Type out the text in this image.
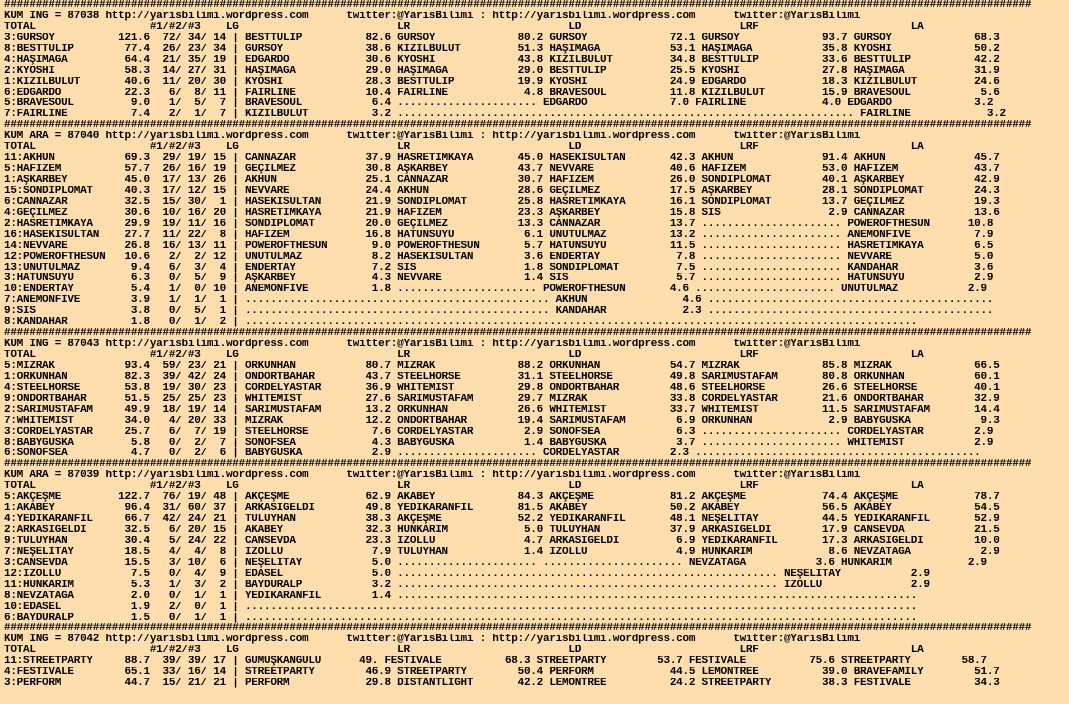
##################################################################################################################################################################
KUM ING = 87038 http://yarisbilimi.wordpress.com      twitter:@YarisBilimi : http://yarisbilimi.wordpress.com      twitter:@YarisBilimi
TOTAL                  #1/#2/#3    LG                         LR                         LD                         LRF                        LA
3:GÜRSOY          121.6  72/ 34/ 14 | BESTTULIP          82.6 GÜRSOY             80.2 GÜRSOY             72.1 GÜRSOY             93.7 GÜRSOY             68.3
8:BESTTULIP        77.4  26/ 23/ 34 | GÜRSOY             38.6 KIZILBULUT         51.3 HAŞIMAĞA           53.1 HAŞIMAĞA           35.8 KYOSHI             50.2
4:HAŞIMAĞA         64.4  21/ 35/ 19 | EDGARDO            30.6 KYOSHI             43.8 KIZILBULUT         34.8 BESTTULIP          33.6 BESTTULIP          42.2
2:KYOSHI           58.3  14/ 27/ 31 | HAŞIMAĞA           29.0 HAŞIMAĞA           29.0 BESTTULIP          25.5 KYOSHI             27.8 HAŞIMAĞA           31.9
1:KIZILBULUT       40.6  11/ 20/ 30 | KYOSHI             28.3 BESTTULIP          19.9 KYOSHI             24.9 EDGARDO            18.3 KIZILBULUT         24.6
6:EDGARDO          22.3   6/  8/ 11 | FAIRLINE           10.4 FAIRLINE            4.8 BRAVESOUL          11.8 KIZILBULUT         15.9 BRAVESOUL           5.6
5:BRAVESOUL         9.0   1/  5/  7 | BRAVESOUL           6.4 ...................... EDGARDO             7.0 FAIRLINE            4.0 EDGARDO             3.2
7:FAIRLINE          7.4   2/  1/  7 | KIZILBULUT          3.2 ........................................................................ FAIRLINE            3.2
##################################################################################################################################################################
KUM ARA = 87040 http://yarisbilimi.wordpress.com      twitter:@YarisBilimi : http://yarisbilimi.wordpress.com      twitter:@YarisBilimi
TOTAL                  #1/#2/#3    LG                         LR                         LD                         LRF                        LA
11:AKHUN           69.3  29/ 19/ 15 | CANNAZAR           37.9 HASRETİMKAYA       45.0 HASEKİSULTAN       42.3 AKHUN              91.4 AKHUN              45.7
5:HAFİZEM          57.7  26/ 16/ 19 | GEÇİLMEZ           30.8 AŞKARBEY           43.7 NEVVARE            40.6 HAFİZEM            53.0 HAFİZEM            43.7
1:AŞKARBEY         45.0  17/ 13/ 26 | AKHUN              25.1 CANNAZAR           30.7 HAFİZEM            26.0 SONDİPLOMAT        40.1 AŞKARBEY           42.9
15:SONDİPLOMAT     40.3  17/ 12/ 15 | NEVVARE            24.4 AKHUN              28.6 GEÇİLMEZ           17.5 AŞKARBEY           28.1 SONDİPLOMAT        24.3
6:CANNAZAR         32.5  15/ 30/  1 | HASEKİSULTAN       21.9 SONDİPLOMAT        25.8 HASRETİMKAYA       16.1 SONDİPLOMAT        13.7 GEÇİLMEZ           19.3
4:GEÇİLMEZ         30.6  10/ 16/ 20 | HASRETİMKAYA       21.9 HAFİZEM            23.3 AŞKARBEY           15.8 SİS                 2.9 CANNAZAR           13.6
2:HASRETİMKAYA     29.9  19/ 11/ 16 | SONDİPLOMAT        20.0 GEÇİLMEZ           13.3 CANNAZAR           13.7 ...................... POWEROFTHESUN      10.8
16:HASEKİSULTAN    27.7  11/ 22/  8 | HAFİZEM            16.8 HATUNSUYU           6.1 UNUTULMAZ          13.2 ...................... ANEMONFIVE          7.9
14:NEVVARE         26.8  16/ 13/ 11 | POWEROFTHESUN       9.0 POWEROFTHESUN       5.7 HATUNSUYU          11.5 ...................... HASRETİMKAYA        6.5
12:POWEROFTHESUN   10.6   2/  2/ 12 | UNUTULMAZ           8.2 HASEKİSULTAN        3.6 ENDERTAY            7.8 ...................... NEVVARE             5.0
13:UNUTULMAZ        9.4   6/  3/  4 | ENDERTAY            7.2 SİS                 1.8 SONDİPLOMAT         7.5 ...................... KANDAHAR            3.6
3:HATUNSUYU         6.3   0/  5/  9 | AŞKARBEY            4.3 NEVVARE             1.4 SİS                 5.7 ...................... HATUNSUYU           2.9
10:ENDERTAY         5.4   1/  0/ 10 | ANEMONFIVE          1.8 ...................... POWEROFTHESUN       4.6 ...................... UNUTULMAZ           2.9
7:ANEMONFIVE        3.9   1/  1/  1 | ................................................ AKHUN               4.6 .............................................
9:SİS               3.8   0/  5/  1 | ................................................ KANDAHAR            2.3 .............................................
8:KANDAHAR          1.8   0/  1/  2 | ..........................................................................................................
##################################################################################################################################################################
KUM ING = 87043 http://yarisbilimi.wordpress.com      twitter:@YarisBilimi : http://yarisbilimi.wordpress.com      twitter:@YarisBilimi
TOTAL                  #1/#2/#3    LG                         LR                         LD                         LRF                        LA
5:MIZRAK           93.4  59/ 23/ 21 | ORKUNHAN           80.7 MIZRAK             88.2 ORKUNHAN           54.7 MIZRAK             85.8 MIZRAK             66.5
1:ORKUNHAN         82.3  39/ 42/ 24 | ONDÖRTBAHAR        43.7 STEELHORSE         31.1 STEELHORSE         49.8 SARIMUSTAFAM       80.8 ORKUNHAN           60.1
4:STEELHORSE       53.8  19/ 30/ 23 | CORDELYASTAR       36.9 WHITEMIST          29.8 ONDÖRTBAHAR        48.6 STEELHORSE         26.6 STEELHORSE         40.1
9:ONDÖRTBAHAR      51.5  25/ 25/ 23 | WHITEMIST          27.6 SARIMUSTAFAM       29.7 MIZRAK             33.8 CORDELYASTAR       21.6 ONDÖRTBAHAR        32.9
2:SARIMUSTAFAM     49.9  18/ 19/ 14 | SARIMUSTAFAM       13.2 ORKUNHAN           26.6 WHITEMIST          33.7 WHITEMIST          11.5 SARIMUSTAFAM       14.4
7:WHITEMIST        34.0   4/ 20/ 33 | MIZRAK             12.2 ONDÖRTBAHAR        19.4 SARIMUSTAFAM        6.9 ORKUNHAN            2.9 BABYGUSKA           9.3
3:CORDELYASTAR     25.7   6/  7/ 19 | STEELHORSE          7.6 CORDELYASTAR        2.9 SONOFSEA            6.3 ...................... CORDELYASTAR        2.9
8:BABYGUSKA         5.8   0/  2/  7 | SONOFSEA            4.3 BABYGUSKA           1.4 BABYGUSKA           3.7 ...................... WHITEMIST           2.9
6:SONOFSEA          4.7   0/  2/  6 | BABYGUSKA           2.9 ...................... CORDELYASTAR        2.3 .............................................
##################################################################################################################################################################
KUM ARA = 87039 http://yarisbilimi.wordpress.com      twitter:@YarisBilimi : http://yarisbilimi.wordpress.com      twitter:@YarisBilimi
TOTAL                  #1/#2/#3    LG                         LR                         LD                         LRF                        LA
5:AKÇEŞME         122.7  76/ 19/ 48 | AKÇEŞME            62.9 AKABEY             84.3 AKÇEŞME            81.2 AKÇEŞME            74.4 AKÇEŞME            78.7
1:AKABEY           96.4  31/ 60/ 37 | ARKASIGELDİ        49.8 YEDİKARANFİL       81.5 AKABEY             50.2 AKABEY             56.5 AKABEY             54.5
4:YEDİKARANFİL     66.7  42/ 24/ 21 | TULUYHAN           38.3 AKÇEŞME            52.2 YEDİKARANFİL       48.1 NEŞELİTAY          44.5 YEDİKARANFİL       52.9
2:ARKASIGELDİ      32.5   6/ 20/ 15 | AKABEY             32.3 HÜNKARIM            5.0 TULUYHAN           37.9 ARKASIGELDİ        17.9 CANSEVDA           21.5
9:TULUYHAN         30.4   5/ 24/ 22 | CANSEVDA           23.3 İZOLLU              4.7 ARKASIGELDİ         6.9 YEDİKARANFİL       17.3 ARKASIGELDİ        10.0
7:NEŞELİTAY        18.5   4/  4/  8 | İZOLLU              7.9 TULUYHAN            1.4 İZOLLU              4.9 HÜNKARIM            8.6 NEVZATAĞA           2.9
3:CANSEVDA         15.5   3/ 10/  6 | NEŞELİTAY           5.0 ...................... ...................... NEVZATAĞA           3.6 HÜNKARIM            2.9
12:İZOLLU           7.5   0/  4/  9 | EDASEL              5.0 ............................................................ NEŞELİTAY           2.9
11:HÜNKARIM         5.3   1/  3/  2 | BAYDURALP           3.2 ............................................................ İZOLLU              2.9
8:NEVZATAĞA         2.0   0/  1/  1 | YEDİKARANFİL        1.4 ..................................................................................
10:EDASEL           1.9   2/  0/  1 | ..........................................................................................................
6:BAYDURALP         1.5   0/  1/  1 | ..........................................................................................................
##################################################################################################################################################################
KUM ING = 87042 http://yarisbilimi.wordpress.com      twitter:@YarisBilimi : http://yarisbilimi.wordpress.com      twitter:@YarisBilimi
TOTAL                  #1/#2/#3    LG                         LR                         LD                         LRF                        LA
11:STREETPARTY     88.7  39/ 39/ 17 | GÜMÜŞKANGÜLÜ      49. FESTİVALE          68.3 STREETPARTY        53.7 FESTİVALE          75.6 STREETPARTY        58.7
4:FESTİVALE        65.1  33/ 16/ 14 | STREETPARTY        46.9 STREETPARTY        50.4 PERFORM            44.5 LEMONTREE          39.0 BRAVEFAMILY        51.7
3:PERFORM          44.7  15/ 21/ 21 | PERFORM            29.8 DISTANTLIGHT       42.2 LEMONTREE          24.2 STREETPARTY        38.3 FESTİVALE          34.3
